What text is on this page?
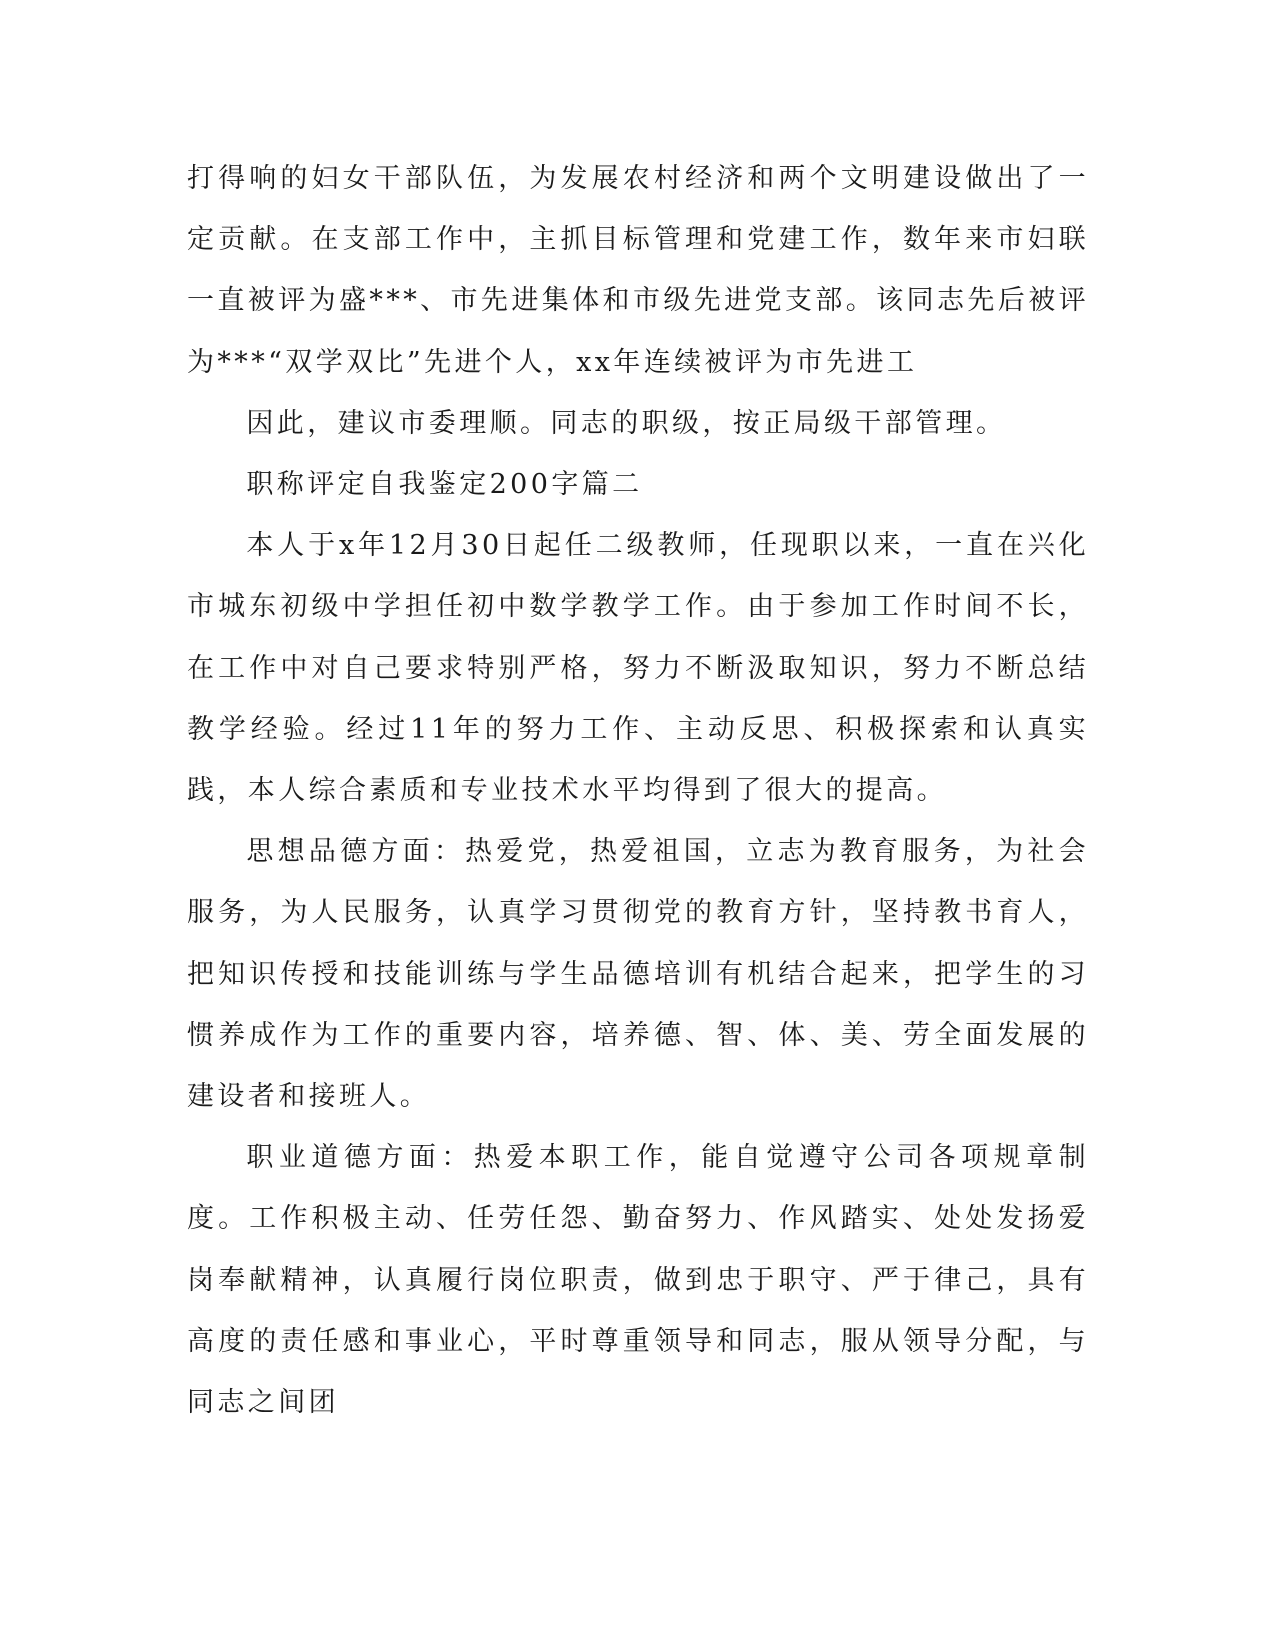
打得响的妇女干部队伍，为发展农村经济和两个文明建设做出了一定贡献。在支部工作中，主抓目标管理和党建工作，数年来市妇联一直被评为盛***、市先进集体和市级先进党支部。该同志先后被评为***“双学双比”先进个人，xx年连续被评为市先进工

因此，建议市委理顺。同志的职级，按正局级干部管理。

职称评定自我鉴定200字篇二

本人于x年12月30日起任二级教师，任现职以来，一直在兴化市城东初级中学担任初中数学教学工作。由于参加工作时间不长，在工作中对自己要求特别严格，努力不断汲取知识，努力不断总结教学经验。经过11年的努力工作、主动反思、积极探索和认真实践，本人综合素质和专业技术水平均得到了很大的提高。

思想品德方面：热爱党，热爱祖国，立志为教育服务，为社会服务，为人民服务，认真学习贯彻党的教育方针，坚持教书育人，把知识传授和技能训练与学生品德培训有机结合起来，把学生的习惯养成作为工作的重要内容，培养德、智、体、美、劳全面发展的建设者和接班人。

职业道德方面：热爱本职工作，能自觉遵守公司各项规章制度。工作积极主动、任劳任怨、勤奋努力、作风踏实、处处发扬爱岗奉献精神，认真履行岗位职责，做到忠于职守、严于律己，具有高度的责任感和事业心，平时尊重领导和同志，服从领导分配，与同志之间团
